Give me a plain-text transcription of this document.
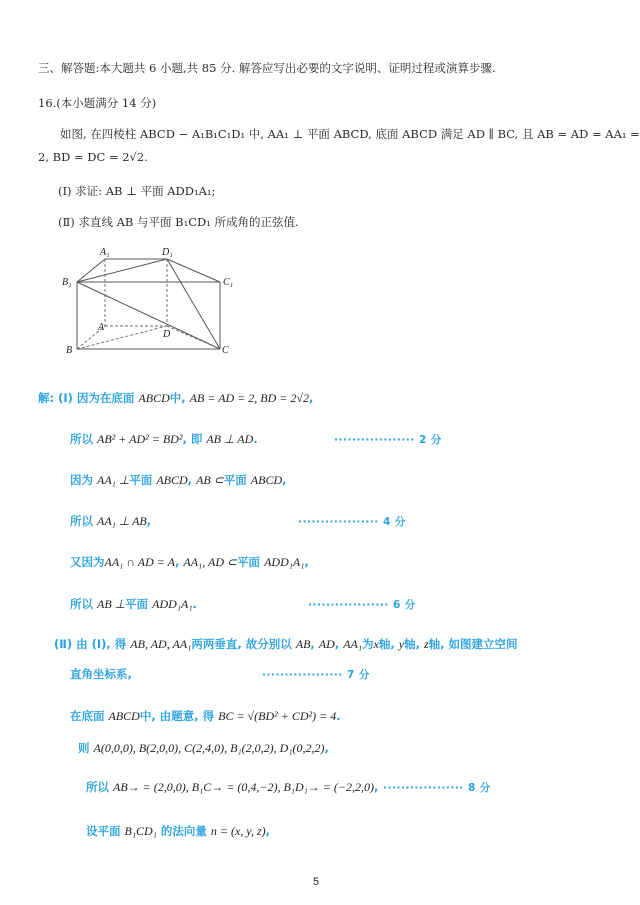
三、解答题:本大题共 6 小题,共 85 分. 解答应写出必要的文字说明、证明过程或演算步骤.
16.(本小题满分 14 分)
如图, 在四棱柱 ABCD − A₁B₁C₁D₁ 中, AA₁ ⊥ 平面 ABCD, 底面 ABCD 满足 AD ∥ BC, 且 AB = AD = AA₁ =
2, BD = DC = 2√2.
(Ⅰ) 求证: AB ⊥ 平面 ADD₁A₁;
(Ⅱ) 求直线 AB 与平面 B₁CD₁ 所成角的正弦值.
A₁	D₁
B₁	C₁
A
D
B	C
解: (Ⅰ) 因为在底面 ABCD中, AB = AD = 2, BD = 2√2,
所以 AB² + AD² = BD², 即 AB ⊥ AD.	·················· 2 分
因为 AA₁ ⊥平面 ABCD, AB ⊂平面 ABCD,
所以 AA₁ ⊥ AB,	·················· 4 分
又因为AA₁ ∩ AD = A, AA₁, AD ⊂平面 ADD₁A₁,
所以 AB ⊥平面 ADD₁A₁.	·················· 6 分
(Ⅱ) 由 (Ⅰ), 得 AB, AD, AA₁两两垂直, 故分别以 AB, AD, AA₁为x轴, y轴, z轴, 如图建立空间
直角坐标系,	·················· 7 分
在底面 ABCD中, 由题意, 得 BC = √(BD² + CD²) = 4.
则 A(0,0,0), B(2,0,0), C(2,4,0), B₁(2,0,2), D₁(0,2,2),
所以 AB→ = (2,0,0), B₁C→ = (0,4,−2), B₁D₁→ = (−2,2,0), ·················· 8 分
设平面 B₁CD₁ 的法向量 n = (x, y, z),
5
